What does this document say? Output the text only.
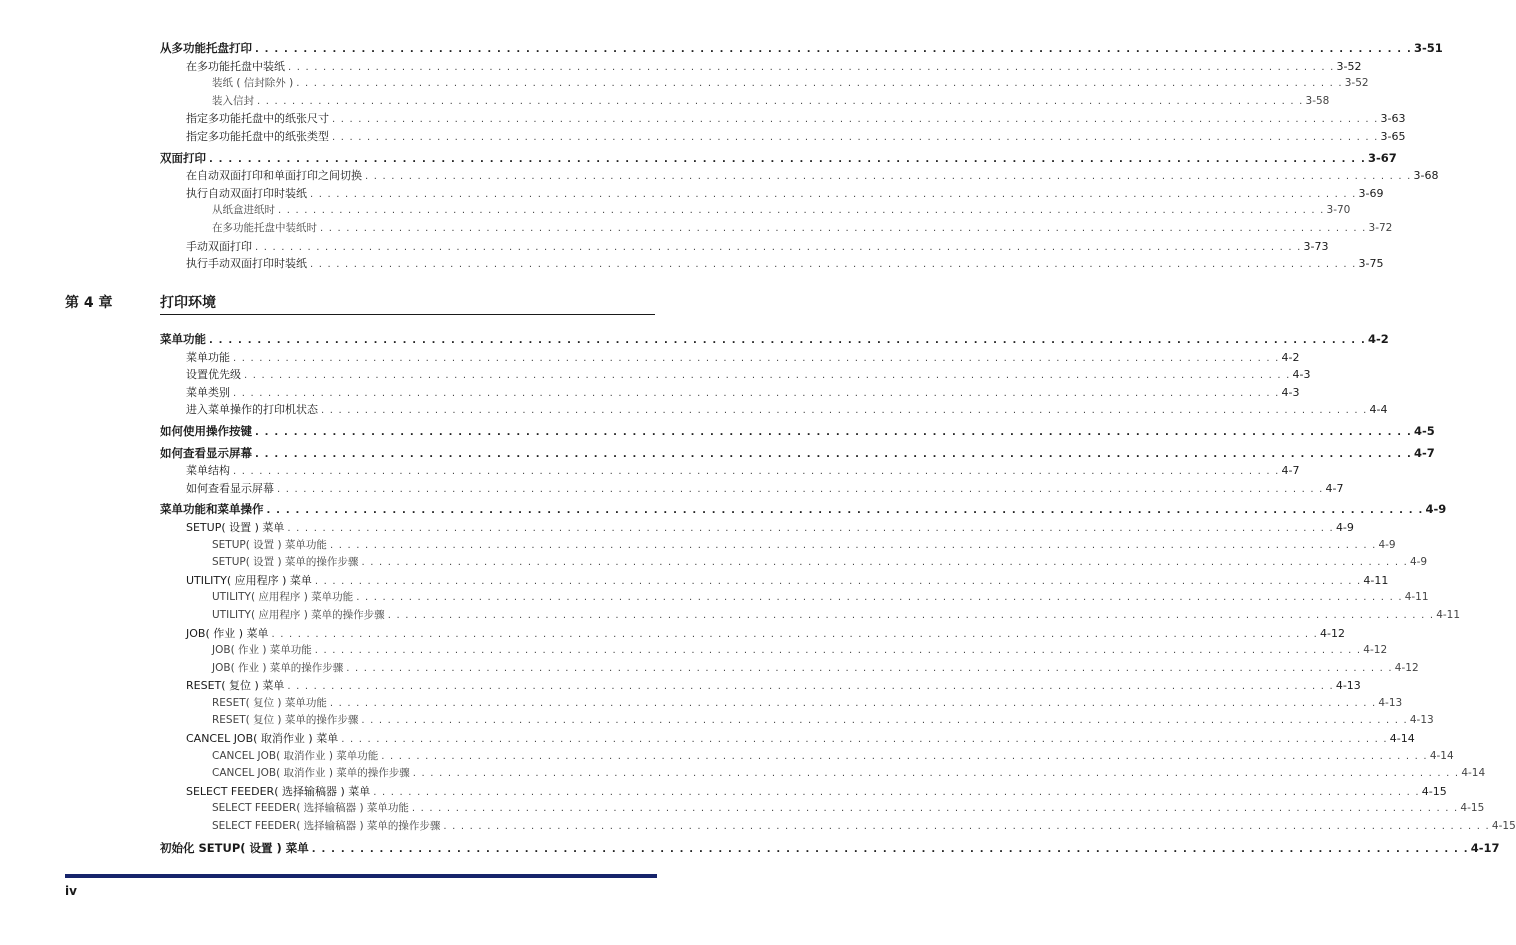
从多功能托盘打印 . . . . . . . . . . . . . . . . . . . . . . . . . . . . . . . . . . . . . . . . . . . . . . . . . . . . . . . . . . . . . . . . . . . . . . . . . . . . . . . . . . . . . . . . . . . . . . . . . . . . . . . . . . . . . . . . . . . . . . . . 3-51
在多功能托盘中装纸 . . . . . . . . . . . . . . . . . . . . . . . . . . . . . . . . . . . . . . . . . . . . . . . . . . . . . . . . . . . . . . . . . . . . . . . . . . . . . . . . . . . . . . . . . . . . . . . . . . . . . . . . . . . . . . . . . . . . . . . . 3-52
装纸 ( 信封除外 ) . . . . . . . . . . . . . . . . . . . . . . . . . . . . . . . . . . . . . . . . . . . . . . . . . . . . . . . . . . . . . . . . . . . . . . . . . . . . . . . . . . . . . . . . . . . . . . . . . . . . . . . . . . . . . . . . . . . . . . . . 3-52
装入信封 . . . . . . . . . . . . . . . . . . . . . . . . . . . . . . . . . . . . . . . . . . . . . . . . . . . . . . . . . . . . . . . . . . . . . . . . . . . . . . . . . . . . . . . . . . . . . . . . . . . . . . . . . . . . . . . . . . . . . . . . 3-58
指定多功能托盘中的纸张尺寸 . . . . . . . . . . . . . . . . . . . . . . . . . . . . . . . . . . . . . . . . . . . . . . . . . . . . . . . . . . . . . . . . . . . . . . . . . . . . . . . . . . . . . . . . . . . . . . . . . . . . . . . . . . . . . . . . . . . . . . . . 3-63
指定多功能托盘中的纸张类型 . . . . . . . . . . . . . . . . . . . . . . . . . . . . . . . . . . . . . . . . . . . . . . . . . . . . . . . . . . . . . . . . . . . . . . . . . . . . . . . . . . . . . . . . . . . . . . . . . . . . . . . . . . . . . . . . . . . . . . . . 3-65
双面打印 . . . . . . . . . . . . . . . . . . . . . . . . . . . . . . . . . . . . . . . . . . . . . . . . . . . . . . . . . . . . . . . . . . . . . . . . . . . . . . . . . . . . . . . . . . . . . . . . . . . . . . . . . . . . . . . . . . . . . . . . 3-67
在自动双面打印和单面打印之间切换 . . . . . . . . . . . . . . . . . . . . . . . . . . . . . . . . . . . . . . . . . . . . . . . . . . . . . . . . . . . . . . . . . . . . . . . . . . . . . . . . . . . . . . . . . . . . . . . . . . . . . . . . . . . . . . . . . . . . . . . . 3-68
执行自动双面打印时装纸 . . . . . . . . . . . . . . . . . . . . . . . . . . . . . . . . . . . . . . . . . . . . . . . . . . . . . . . . . . . . . . . . . . . . . . . . . . . . . . . . . . . . . . . . . . . . . . . . . . . . . . . . . . . . . . . . . . . . . . . . 3-69
从纸盒进纸时 . . . . . . . . . . . . . . . . . . . . . . . . . . . . . . . . . . . . . . . . . . . . . . . . . . . . . . . . . . . . . . . . . . . . . . . . . . . . . . . . . . . . . . . . . . . . . . . . . . . . . . . . . . . . . . . . . . . . . . . . 3-70
在多功能托盘中装纸时 . . . . . . . . . . . . . . . . . . . . . . . . . . . . . . . . . . . . . . . . . . . . . . . . . . . . . . . . . . . . . . . . . . . . . . . . . . . . . . . . . . . . . . . . . . . . . . . . . . . . . . . . . . . . . . . . . . . . . . . . 3-72
手动双面打印 . . . . . . . . . . . . . . . . . . . . . . . . . . . . . . . . . . . . . . . . . . . . . . . . . . . . . . . . . . . . . . . . . . . . . . . . . . . . . . . . . . . . . . . . . . . . . . . . . . . . . . . . . . . . . . . . . . . . . . . . 3-73
执行手动双面打印时装纸 . . . . . . . . . . . . . . . . . . . . . . . . . . . . . . . . . . . . . . . . . . . . . . . . . . . . . . . . . . . . . . . . . . . . . . . . . . . . . . . . . . . . . . . . . . . . . . . . . . . . . . . . . . . . . . . . . . . . . . . . 3-75
第 4 章	打印环境
菜单功能 . . . . . . . . . . . . . . . . . . . . . . . . . . . . . . . . . . . . . . . . . . . . . . . . . . . . . . . . . . . . . . . . . . . . . . . . . . . . . . . . . . . . . . . . . . . . . . . . . . . . . . . . . . . . . . . . . . . . . . . . 4-2
菜单功能 . . . . . . . . . . . . . . . . . . . . . . . . . . . . . . . . . . . . . . . . . . . . . . . . . . . . . . . . . . . . . . . . . . . . . . . . . . . . . . . . . . . . . . . . . . . . . . . . . . . . . . . . . . . . . . . . . . . . . . . . 4-2
设置优先级 . . . . . . . . . . . . . . . . . . . . . . . . . . . . . . . . . . . . . . . . . . . . . . . . . . . . . . . . . . . . . . . . . . . . . . . . . . . . . . . . . . . . . . . . . . . . . . . . . . . . . . . . . . . . . . . . . . . . . . . . 4-3
菜单类别 . . . . . . . . . . . . . . . . . . . . . . . . . . . . . . . . . . . . . . . . . . . . . . . . . . . . . . . . . . . . . . . . . . . . . . . . . . . . . . . . . . . . . . . . . . . . . . . . . . . . . . . . . . . . . . . . . . . . . . . . 4-3
进入菜单操作的打印机状态 . . . . . . . . . . . . . . . . . . . . . . . . . . . . . . . . . . . . . . . . . . . . . . . . . . . . . . . . . . . . . . . . . . . . . . . . . . . . . . . . . . . . . . . . . . . . . . . . . . . . . . . . . . . . . . . . . . . . . . . . 4-4
如何使用操作按键 . . . . . . . . . . . . . . . . . . . . . . . . . . . . . . . . . . . . . . . . . . . . . . . . . . . . . . . . . . . . . . . . . . . . . . . . . . . . . . . . . . . . . . . . . . . . . . . . . . . . . . . . . . . . . . . . . . . . . . . . 4-5
如何查看显示屏幕 . . . . . . . . . . . . . . . . . . . . . . . . . . . . . . . . . . . . . . . . . . . . . . . . . . . . . . . . . . . . . . . . . . . . . . . . . . . . . . . . . . . . . . . . . . . . . . . . . . . . . . . . . . . . . . . . . . . . . . . . 4-7
菜单结构 . . . . . . . . . . . . . . . . . . . . . . . . . . . . . . . . . . . . . . . . . . . . . . . . . . . . . . . . . . . . . . . . . . . . . . . . . . . . . . . . . . . . . . . . . . . . . . . . . . . . . . . . . . . . . . . . . . . . . . . . 4-7
如何查看显示屏幕 . . . . . . . . . . . . . . . . . . . . . . . . . . . . . . . . . . . . . . . . . . . . . . . . . . . . . . . . . . . . . . . . . . . . . . . . . . . . . . . . . . . . . . . . . . . . . . . . . . . . . . . . . . . . . . . . . . . . . . . . 4-7
菜单功能和菜单操作 . . . . . . . . . . . . . . . . . . . . . . . . . . . . . . . . . . . . . . . . . . . . . . . . . . . . . . . . . . . . . . . . . . . . . . . . . . . . . . . . . . . . . . . . . . . . . . . . . . . . . . . . . . . . . . . . . . . . . . . . 4-9
SETUP( 设置 ) 菜单 . . . . . . . . . . . . . . . . . . . . . . . . . . . . . . . . . . . . . . . . . . . . . . . . . . . . . . . . . . . . . . . . . . . . . . . . . . . . . . . . . . . . . . . . . . . . . . . . . . . . . . . . . . . . . . . . . . . . . . . . 4-9
SETUP( 设置 ) 菜单功能 . . . . . . . . . . . . . . . . . . . . . . . . . . . . . . . . . . . . . . . . . . . . . . . . . . . . . . . . . . . . . . . . . . . . . . . . . . . . . . . . . . . . . . . . . . . . . . . . . . . . . . . . . . . . . . . . . . . . . . . . 4-9
SETUP( 设置 ) 菜单的操作步骤 . . . . . . . . . . . . . . . . . . . . . . . . . . . . . . . . . . . . . . . . . . . . . . . . . . . . . . . . . . . . . . . . . . . . . . . . . . . . . . . . . . . . . . . . . . . . . . . . . . . . . . . . . . . . . . . . . . . . . . . . 4-9
UTILITY( 应用程序 ) 菜单 . . . . . . . . . . . . . . . . . . . . . . . . . . . . . . . . . . . . . . . . . . . . . . . . . . . . . . . . . . . . . . . . . . . . . . . . . . . . . . . . . . . . . . . . . . . . . . . . . . . . . . . . . . . . . . . . . . . . . . . . 4-11
UTILITY( 应用程序 ) 菜单功能 . . . . . . . . . . . . . . . . . . . . . . . . . . . . . . . . . . . . . . . . . . . . . . . . . . . . . . . . . . . . . . . . . . . . . . . . . . . . . . . . . . . . . . . . . . . . . . . . . . . . . . . . . . . . . . . . . . . . . . . . 4-11
UTILITY( 应用程序 ) 菜单的操作步骤 . . . . . . . . . . . . . . . . . . . . . . . . . . . . . . . . . . . . . . . . . . . . . . . . . . . . . . . . . . . . . . . . . . . . . . . . . . . . . . . . . . . . . . . . . . . . . . . . . . . . . . . . . . . . . . . . . . . . . . . . 4-11
JOB( 作业 ) 菜单 . . . . . . . . . . . . . . . . . . . . . . . . . . . . . . . . . . . . . . . . . . . . . . . . . . . . . . . . . . . . . . . . . . . . . . . . . . . . . . . . . . . . . . . . . . . . . . . . . . . . . . . . . . . . . . . . . . . . . . . . 4-12
JOB( 作业 ) 菜单功能 . . . . . . . . . . . . . . . . . . . . . . . . . . . . . . . . . . . . . . . . . . . . . . . . . . . . . . . . . . . . . . . . . . . . . . . . . . . . . . . . . . . . . . . . . . . . . . . . . . . . . . . . . . . . . . . . . . . . . . . . 4-12
JOB( 作业 ) 菜单的操作步骤 . . . . . . . . . . . . . . . . . . . . . . . . . . . . . . . . . . . . . . . . . . . . . . . . . . . . . . . . . . . . . . . . . . . . . . . . . . . . . . . . . . . . . . . . . . . . . . . . . . . . . . . . . . . . . . . . . . . . . . . . 4-12
RESET( 复位 ) 菜单 . . . . . . . . . . . . . . . . . . . . . . . . . . . . . . . . . . . . . . . . . . . . . . . . . . . . . . . . . . . . . . . . . . . . . . . . . . . . . . . . . . . . . . . . . . . . . . . . . . . . . . . . . . . . . . . . . . . . . . . . 4-13
RESET( 复位 ) 菜单功能 . . . . . . . . . . . . . . . . . . . . . . . . . . . . . . . . . . . . . . . . . . . . . . . . . . . . . . . . . . . . . . . . . . . . . . . . . . . . . . . . . . . . . . . . . . . . . . . . . . . . . . . . . . . . . . . . . . . . . . . . 4-13
RESET( 复位 ) 菜单的操作步骤 . . . . . . . . . . . . . . . . . . . . . . . . . . . . . . . . . . . . . . . . . . . . . . . . . . . . . . . . . . . . . . . . . . . . . . . . . . . . . . . . . . . . . . . . . . . . . . . . . . . . . . . . . . . . . . . . . . . . . . . . 4-13
CANCEL JOB( 取消作业 ) 菜单 . . . . . . . . . . . . . . . . . . . . . . . . . . . . . . . . . . . . . . . . . . . . . . . . . . . . . . . . . . . . . . . . . . . . . . . . . . . . . . . . . . . . . . . . . . . . . . . . . . . . . . . . . . . . . . . . . . . . . . . . 4-14
CANCEL JOB( 取消作业 ) 菜单功能 . . . . . . . . . . . . . . . . . . . . . . . . . . . . . . . . . . . . . . . . . . . . . . . . . . . . . . . . . . . . . . . . . . . . . . . . . . . . . . . . . . . . . . . . . . . . . . . . . . . . . . . . . . . . . . . . . . . . . . . . 4-14
CANCEL JOB( 取消作业 ) 菜单的操作步骤 . . . . . . . . . . . . . . . . . . . . . . . . . . . . . . . . . . . . . . . . . . . . . . . . . . . . . . . . . . . . . . . . . . . . . . . . . . . . . . . . . . . . . . . . . . . . . . . . . . . . . . . . . . . . . . . . . . . . . . . . 4-14
SELECT FEEDER( 选择输稿器 ) 菜单 . . . . . . . . . . . . . . . . . . . . . . . . . . . . . . . . . . . . . . . . . . . . . . . . . . . . . . . . . . . . . . . . . . . . . . . . . . . . . . . . . . . . . . . . . . . . . . . . . . . . . . . . . . . . . . . . . . . . . . . . 4-15
SELECT FEEDER( 选择输稿器 ) 菜单功能 . . . . . . . . . . . . . . . . . . . . . . . . . . . . . . . . . . . . . . . . . . . . . . . . . . . . . . . . . . . . . . . . . . . . . . . . . . . . . . . . . . . . . . . . . . . . . . . . . . . . . . . . . . . . . . . . . . . . . . . . 4-15
SELECT FEEDER( 选择输稿器 ) 菜单的操作步骤 . . . . . . . . . . . . . . . . . . . . . . . . . . . . . . . . . . . . . . . . . . . . . . . . . . . . . . . . . . . . . . . . . . . . . . . . . . . . . . . . . . . . . . . . . . . . . . . . . . . . . . . . . . . . . . . . . . . . . . . . 4-15
初始化 SETUP( 设置 ) 菜单 . . . . . . . . . . . . . . . . . . . . . . . . . . . . . . . . . . . . . . . . . . . . . . . . . . . . . . . . . . . . . . . . . . . . . . . . . . . . . . . . . . . . . . . . . . . . . . . . . . . . . . . . . . . . . . . . . . . . . . . . 4-17
iv
